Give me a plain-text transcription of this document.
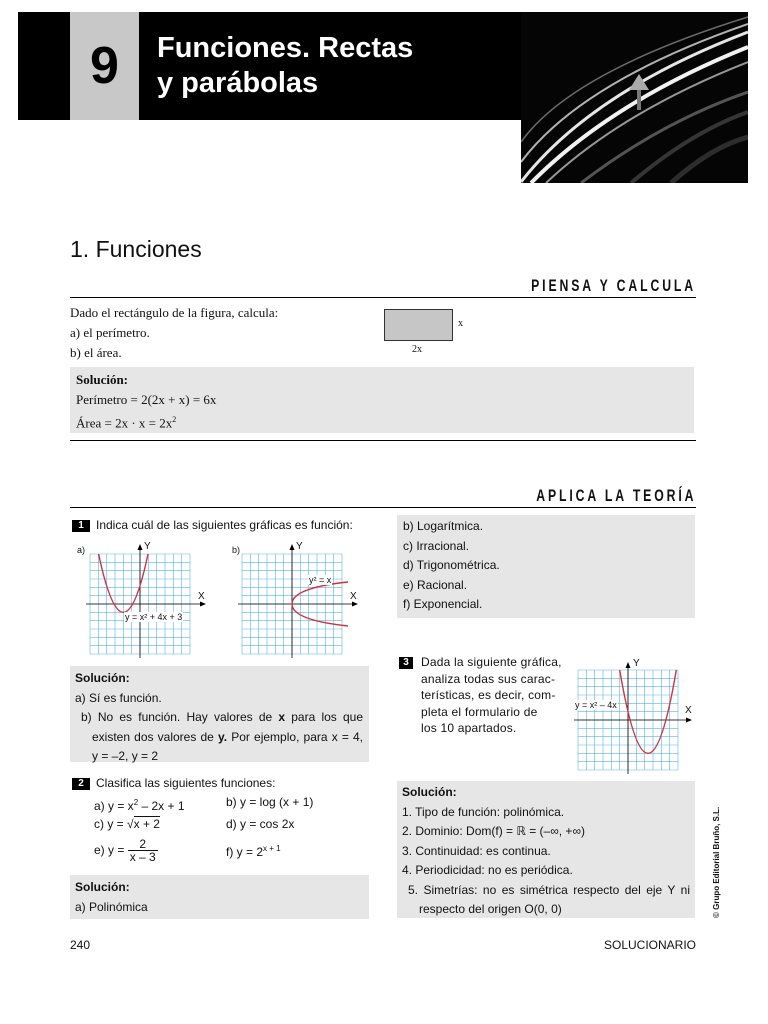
9	Funciones. Rectas
y parábolas
1. Funciones
PIENSA Y CALCULA
Dado el rectángulo de la figura, calcula:
a) el perímetro.
b) el área.
x
2x
Solución:
Perímetro = 2(2x + x) = 6x
Área = $2x \cdot x = 2x^2$
APLICA LA TEORÍA
1 Indica cuál de las siguientes gráficas es función:
a)	Y
X
y = x² + 4x + 3
b)	Y
X
y² = x
Solución:
a) Sí es función.
b) No es función. Hay valores de x para los que existen dos valores de y. Por ejemplo, para x = 4, y = –2, y = 2
2 Clasifica las siguientes funciones:
a) $y = x^2 - 2x + 1$	b) y = log (x + 1)
c) y = √x + 2	d) y = cos 2x
e) $y = \frac{2}{x - 3}$	f) $y = 2^{x + 1}$
Solución:
a) Polinómica
b) Logarítmica.
c) Irracional.
d) Trigonométrica.
e) Racional.
f) Exponencial.
3	Dada la siguiente gráfica,
analiza todas sus carac-
terísticas, es decir, com-
pleta el formulario de
los 10 apartados.
Y
X
y = x² – 4x
Solución:
1. Tipo de función: polinómica.
2. Dominio: Dom(f) = ℝ = (–∞, +∞)
3. Continuidad: es continua.
4. Periodicidad: no es periódica.
5. Simetrías: no es simétrica respecto del eje Y ni respecto del origen O(0, 0)	© Grupo Editorial Bruño, S.L.
240	SOLUCIONARIO
